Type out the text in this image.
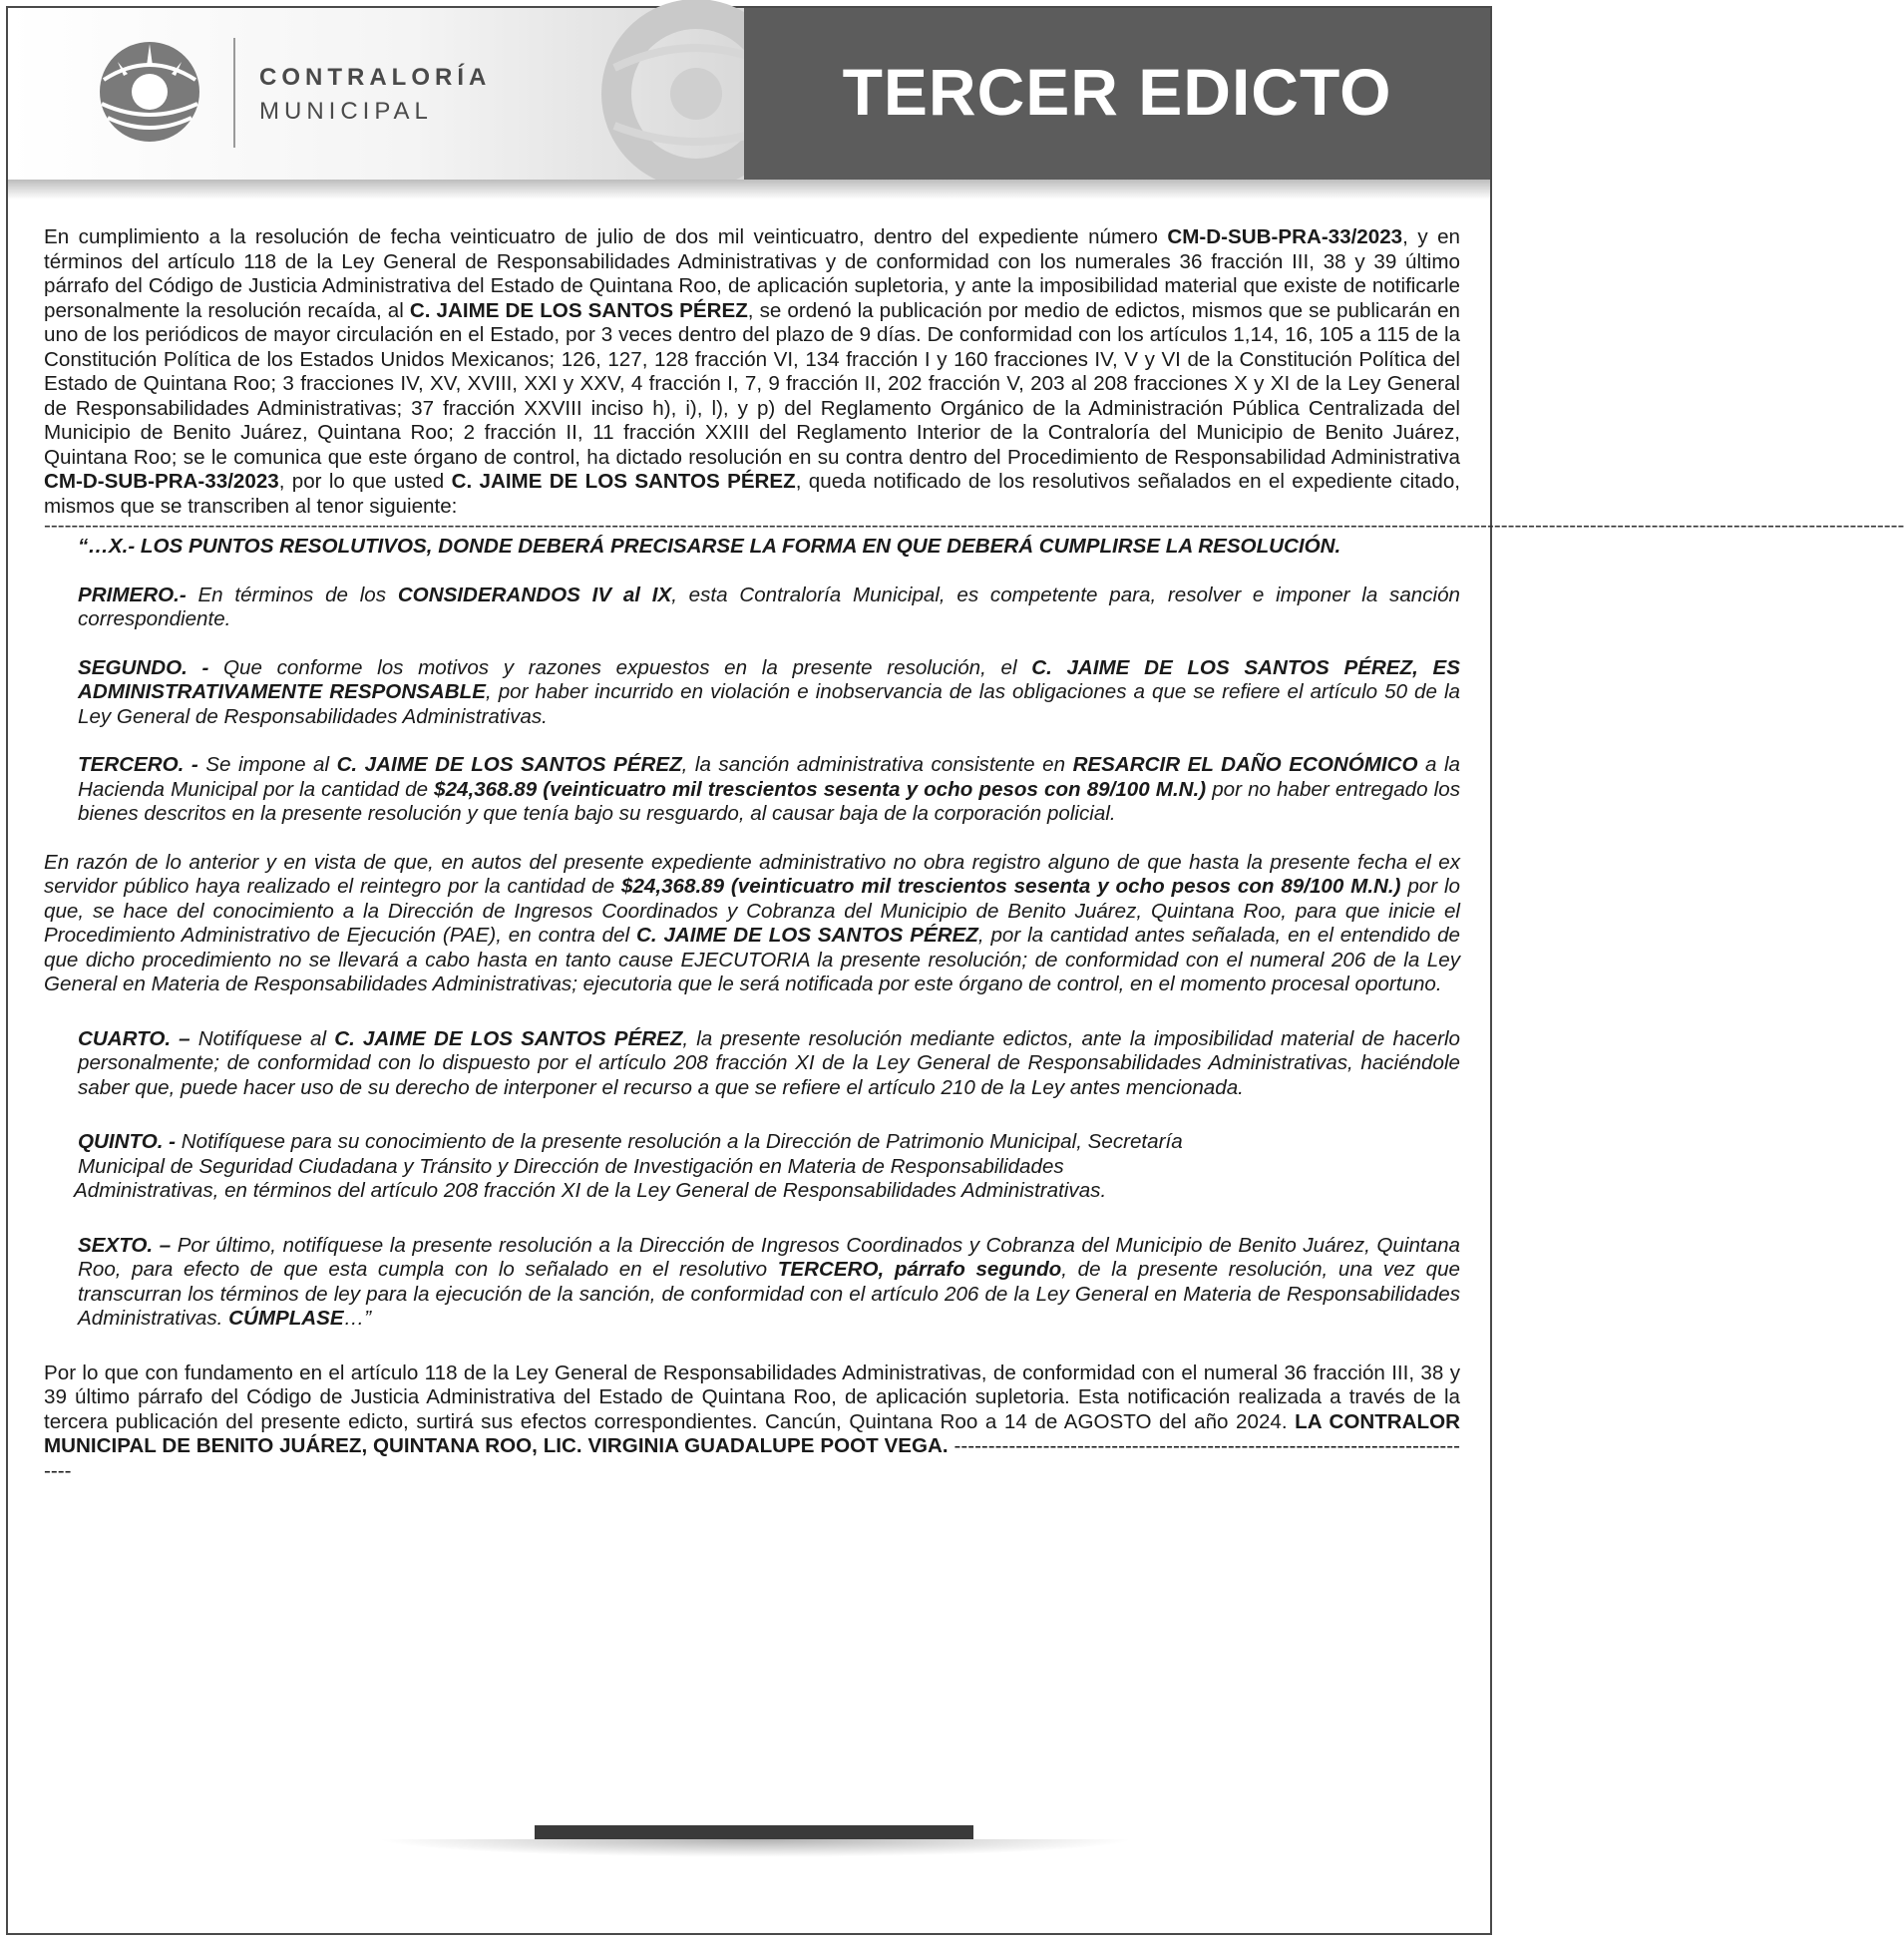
CONTRALORÍA
MUNICIPAL	TERCER EDICTO

En cumplimiento a la resolución de fecha veinticuatro de julio de dos mil veinticuatro, dentro del expediente número CM-D-SUB-PRA-33/2023, y en términos del artículo 118 de la Ley General de Responsabilidades Administrativas y de conformidad con los numerales 36 fracción III, 38 y 39 último párrafo del Código de Justicia Administrativa del Estado de Quintana Roo, de aplicación supletoria, y ante la imposibilidad material que existe de notificarle personalmente la resolución recaída, al C. JAIME DE LOS SANTOS PÉREZ, se ordenó la publicación por medio de edictos, mismos que se publicarán en uno de los periódicos de mayor circulación en el Estado, por 3 veces dentro del plazo de 9 días. De conformidad con los artículos 1,14, 16, 105 a 115 de la Constitución Política de los Estados Unidos Mexicanos; 126, 127, 128 fracción VI, 134 fracción I y 160 fracciones IV, V y VI de la Constitución Política del Estado de Quintana Roo; 3 fracciones IV, XV, XVIII, XXI y XXV, 4 fracción I, 7, 9 fracción II, 202 fracción V, 203 al 208 fracciones X y XI de la Ley General de Responsabilidades Administrativas; 37 fracción XXVIII inciso h), i), l), y p) del Reglamento Orgánico de la Administración Pública Centralizada del Municipio de Benito Juárez, Quintana Roo; 2 fracción II, 11 fracción XXIII del Reglamento Interior de la Contraloría del Municipio de Benito Juárez, Quintana Roo; se le comunica que este órgano de control, ha dictado resolución en su contra dentro del Procedimiento de Responsabilidad Administrativa CM-D-SUB-PRA-33/2023, por lo que usted C. JAIME DE LOS SANTOS PÉREZ, queda notificado de los resolutivos señalados en el expediente citado, mismos que se transcriben al tenor siguiente:

--------------------------------------------------------------------------------------------------------------------------------------------------------------------------------------------------------------------------------------------------------------------------------

“…X.- LOS PUNTOS RESOLUTIVOS, DONDE DEBERÁ PRECISARSE LA FORMA EN QUE DEBERÁ CUMPLIRSE LA RESOLUCIÓN.

PRIMERO.- En términos de los CONSIDERANDOS IV al IX, esta Contraloría Municipal, es competente para, resolver e imponer la sanción correspondiente.

SEGUNDO. - Que conforme los motivos y razones expuestos en la presente resolución, el C. JAIME DE LOS SANTOS PÉREZ, ES ADMINISTRATIVAMENTE RESPONSABLE, por haber incurrido en violación e inobservancia de las obligaciones a que se refiere el artículo 50 de la Ley General de Responsabilidades Administrativas.

TERCERO. - Se impone al C. JAIME DE LOS SANTOS PÉREZ, la sanción administrativa consistente en RESARCIR EL DAÑO ECONÓMICO a la Hacienda Municipal por la cantidad de $24,368.89 (veinticuatro mil trescientos sesenta y ocho pesos con 89/100 M.N.) por no haber entregado los bienes descritos en la presente resolución y que tenía bajo su resguardo, al causar baja de la corporación policial.

En razón de lo anterior y en vista de que, en autos del presente expediente administrativo no obra registro alguno de que hasta la presente fecha el ex servidor público haya realizado el reintegro por la cantidad de $24,368.89 (veinticuatro mil trescientos sesenta y ocho pesos con 89/100 M.N.) por lo que, se hace del conocimiento a la Dirección de Ingresos Coordinados y Cobranza del Municipio de Benito Juárez, Quintana Roo, para que inicie el Procedimiento Administrativo de Ejecución (PAE), en contra del C. JAIME DE LOS SANTOS PÉREZ, por la cantidad antes señalada, en el entendido de que dicho procedimiento no se llevará a cabo hasta en tanto cause EJECUTORIA la presente resolución; de conformidad con el numeral 206 de la Ley General en Materia de Responsabilidades Administrativas; ejecutoria que le será notificada por este órgano de control, en el momento procesal oportuno.

CUARTO. – Notifíquese al C. JAIME DE LOS SANTOS PÉREZ, la presente resolución mediante edictos, ante la imposibilidad material de hacerlo personalmente; de conformidad con lo dispuesto por el artículo 208 fracción XI de la Ley General de Responsabilidades Administrativas, haciéndole saber que, puede hacer uso de su derecho de interponer el recurso a que se refiere el artículo 210 de la Ley antes mencionada.

QUINTO. - Notifíquese para su conocimiento de la presente resolución a la Dirección de Patrimonio Municipal, Secretaría
Municipal de Seguridad Ciudadana y Tránsito y Dirección de Investigación en Materia de Responsabilidades
Administrativas, en términos del artículo 208 fracción XI de la Ley General de Responsabilidades Administrativas.

SEXTO. – Por último, notifíquese la presente resolución a la Dirección de Ingresos Coordinados y Cobranza del Municipio de Benito Juárez, Quintana Roo, para efecto de que esta cumpla con lo señalado en el resolutivo TERCERO, párrafo segundo, de la presente resolución, una vez que transcurran los términos de ley para la ejecución de la sanción, de conformidad con el artículo 206 de la Ley General en Materia de Responsabilidades Administrativas. CÚMPLASE…”

Por lo que con fundamento en el artículo 118 de la Ley General de Responsabilidades Administrativas, de conformidad con el numeral 36 fracción III, 38 y 39 último párrafo del Código de Justicia Administrativa del Estado de Quintana Roo, de aplicación supletoria. Esta notificación realizada a través de la tercera publicación del presente edicto, surtirá sus efectos correspondientes. Cancún, Quintana Roo a 14 de AGOSTO del año 2024. LA CONTRALOR MUNICIPAL DE BENITO JUÁREZ, QUINTANA ROO, LIC. VIRGINIA GUADALUPE POOT VEGA. ------------------------------------------------------------------------------
